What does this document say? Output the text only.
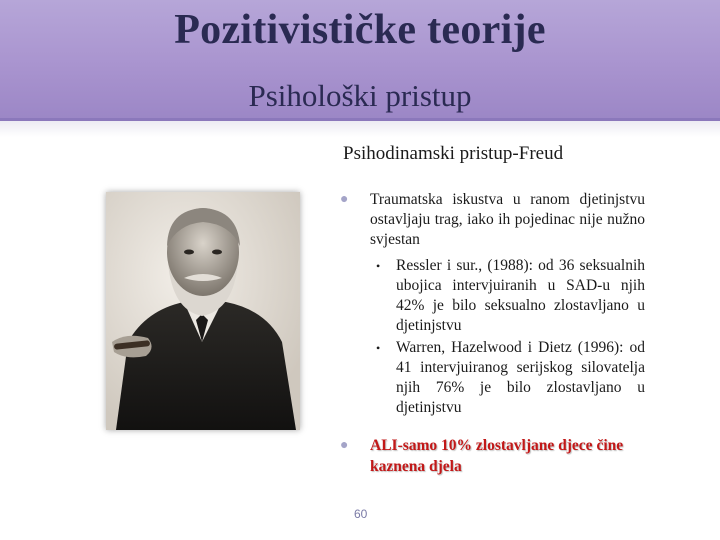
Pozitivističke teorije
Psihološki pristup
Psihodinamski pristup-Freud
● Traumatska iskustva u ranom djetinjstvu ostavljaju trag, iako ih pojedinac nije nužno svjestan
• Ressler i sur., (1988): od 36 seksualnih ubojica intervjuiranih u SAD-u njih 42% je bilo seksualno zlostavljano u djetinjstvu
• Warren, Hazelwood i Dietz (1996): od 41 intervjuiranog serijskog silovatelja njih 76% je bilo zlostavljano u djetinjstvu
● ALI-samo 10% zlostavljane djece čine kaznena djela
60
